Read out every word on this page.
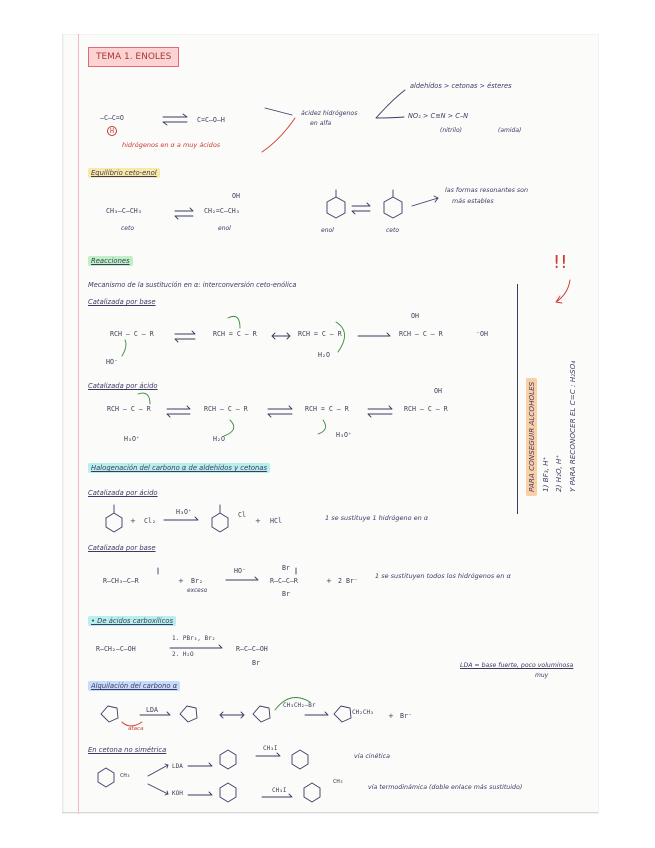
TEMA 1. ENOLES
–C–C=O
H
C=C–O–H
hidrógenos en α a muy ácidos
ácidez hidrógenos
en alfa
aldehídos > cetonas > ésteres
NO₂ > C≡N > C–N
(nitrilo)	(amida)
Equilibrio ceto-enol
CH₃–C–CH₃
ceto
OH
CH₂=C–CH₃
enol	enol	ceto
las formas resonantes son
más estables
Reacciones
Mecanismo de la sustitución en α: interconversión ceto-enólica
Catalizada por base
RCH – C – R
HO⁻
RCH = C – R	RCH = C – R
H₂O
RCH – C – R
OH
⁻OH
Catalizada por ácido
RCH – C – R
H₃O⁺
RCH – C – R
H₂O
RCH = C – R
H₃O⁺
RCH – C – R
OH
!!
PARA CONSEGUIR ALCOHOLES 1) BF₃, H⁺ 2) H₂O, H⁺ Y PARA RECONOCER EL C=C : H₂SO₄
Halogenación del carbono α de aldehídos y cetonas
Catalizada por ácido
+ Cl₂
H₃O⁺	Cl
+ HCl	1 se sustituye 1 hidrógeno en α
Catalizada por base
R–CH₃–C–R	+ Br₂
exceso
HO⁻
R–C–C–R
Br
Br
+ 2 Br⁻
1 se sustituyen todos los hidrógenos en α
• De ácidos carboxílicos
R–CH₂–C–OH
1. PBr₃, Br₂
2. H₂O
R–C–C–OH
Br	LDA = base fuerte, poco voluminosa
muy
Alquilación del carbono α
LDA
ataca
CH₃CH₂–Br
CH₂CH₃ + Br⁻
En cetona no simétrica	CH₃I
vía cinética
LDA
KOH	CH₃I
CH₃
vía termodinámica (doble enlace más sustituido)
CH₃
